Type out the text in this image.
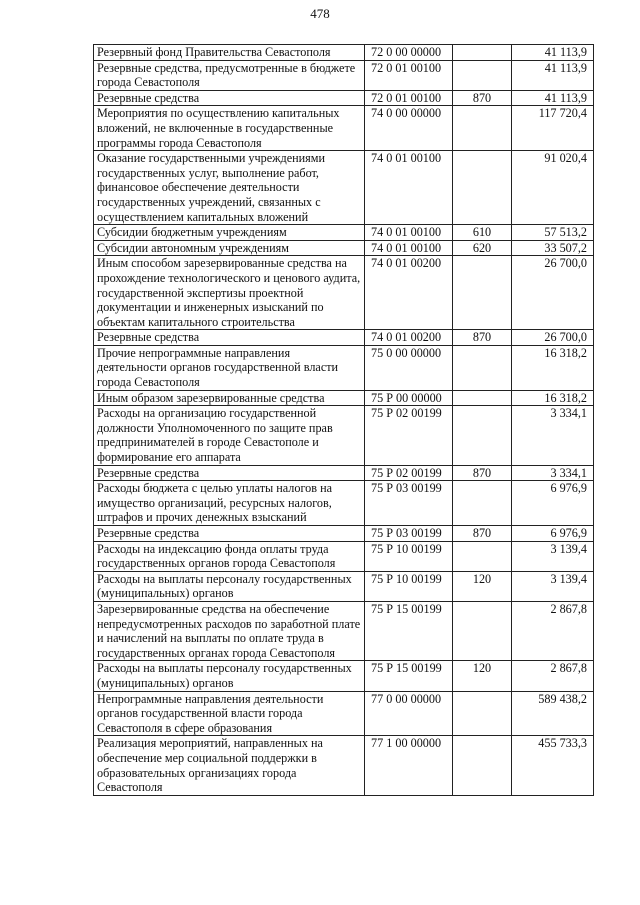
478
Резервный фонд Правительства Севастополя	72 0 00 00000		41 113,9
Резервные средства, предусмотренные в бюджете города Севастополя	72 0 01 00100		41 113,9
Резервные средства	72 0 01 00100	870	41 113,9
Мероприятия по осуществлению капитальных вложений, не включенные в государственные программы города Севастополя	74 0 00 00000		117 720,4
Оказание государственными учреждениями государственных услуг, выполнение работ, финансовое обеспечение деятельности государственных учреждений, связанных с осуществлением капитальных вложений	74 0 01 00100		91 020,4
Субсидии бюджетным учреждениям	74 0 01 00100	610	57 513,2
Субсидии автономным учреждениям	74 0 01 00100	620	33 507,2
Иным способом зарезервированные средства на прохождение технологического и ценового аудита, государственной экспертизы проектной документации и инженерных изысканий по объектам капитального строительства	74 0 01 00200		26 700,0
Резервные средства	74 0 01 00200	870	26 700,0
Прочие непрограммные направления деятельности органов государственной власти города Севастополя	75 0 00 00000		16 318,2
Иным образом зарезервированные средства	75 Р 00 00000		16 318,2
Расходы на организацию государственной должности Уполномоченного по защите прав предпринимателей в городе Севастополе и формирование его аппарата	75 Р 02 00199		3 334,1
Резервные средства	75 Р 02 00199	870	3 334,1
Расходы бюджета с целью уплаты налогов на имущество организаций, ресурсных налогов, штрафов и прочих денежных взысканий	75 Р 03 00199		6 976,9
Резервные средства	75 Р 03 00199	870	6 976,9
Расходы на индексацию фонда оплаты труда государственных органов города Севастополя	75 Р 10 00199		3 139,4
Расходы на выплаты персоналу государственных (муниципальных) органов	75 Р 10 00199	120	3 139,4
Зарезервированные средства на обеспечение непредусмотренных расходов по заработной плате и начислений на выплаты по оплате труда в государственных органах города Севастополя	75 Р 15 00199		2 867,8
Расходы на выплаты персоналу государственных (муниципальных) органов	75 Р 15 00199	120	2 867,8
Непрограммные направления деятельности органов государственной власти города Севастополя в сфере образования	77 0 00 00000		589 438,2
Реализация мероприятий, направленных на обеспечение мер социальной поддержки в образовательных организациях города Севастополя	77 1 00 00000		455 733,3
